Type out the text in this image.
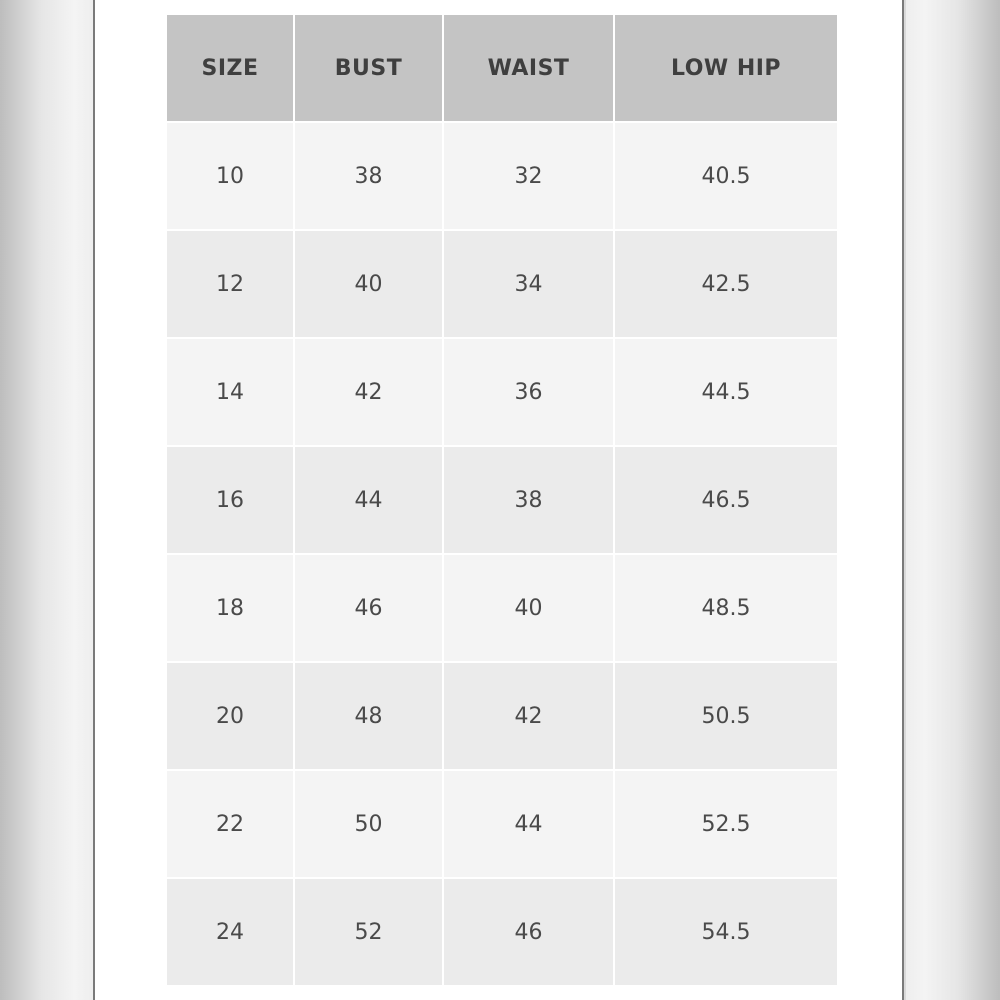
SIZE	BUST	WAIST	LOW HIP
10	38	32	40.5
12	40	34	42.5
14	42	36	44.5
16	44	38	46.5
18	46	40	48.5
20	48	42	50.5
22	50	44	52.5
24	52	46	54.5
